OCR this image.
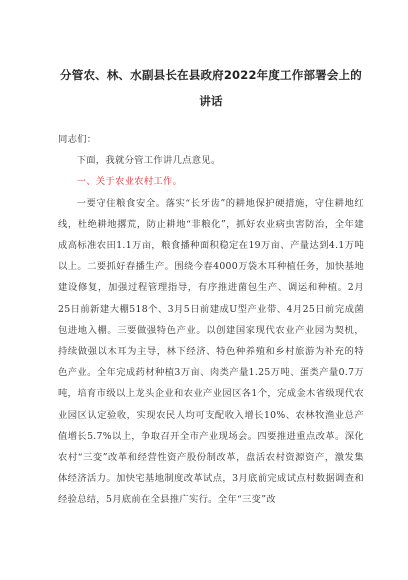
分管农、林、水副县长在县政府2022年度工作部署会上的讲话

同志们：

下面，我就分管工作讲几点意见。

一、关于农业农村工作。

一要守住粮食安全。落实“长牙齿”的耕地保护硬措施，守住耕地红线，杜绝耕地撂荒，防止耕地“非粮化”，抓好农业病虫害防治，全年建成高标准农田1.1万亩，粮食播种面积稳定在19万亩、产量达到4.1万吨以上。二要抓好春播生产。围绕今春4000万袋木耳种植任务，加快基地建设修复，加强过程管理指导，有序推进菌包生产、调运和种植。2月25日前新建大棚518个、3月5日前建成U型产业带、4月25日前完成菌包进地入棚。三要做强特色产业。以创建国家现代农业产业园为契机，持续做强以木耳为主导，林下经济、特色种养殖和乡村旅游为补充的特色产业。全年完成药材种植3万亩、肉类产量1.25万吨、蛋类产量0.7万吨，培育市级以上龙头企业和农业产业园区各1个，完成金木省级现代农业园区认定验收，实现农民人均可支配收入增长10%、农林牧渔业总产值增长5.7%以上，争取召开全市产业现场会。四要推进重点改革。深化农村“三变”改革和经营性资产股份制改革，盘活农村资源资产，激发集体经济活力。加快宅基地制度改革试点，3月底前完成试点村数据调查和经验总结，5月底前在全县推广实行。全年“三变”改
